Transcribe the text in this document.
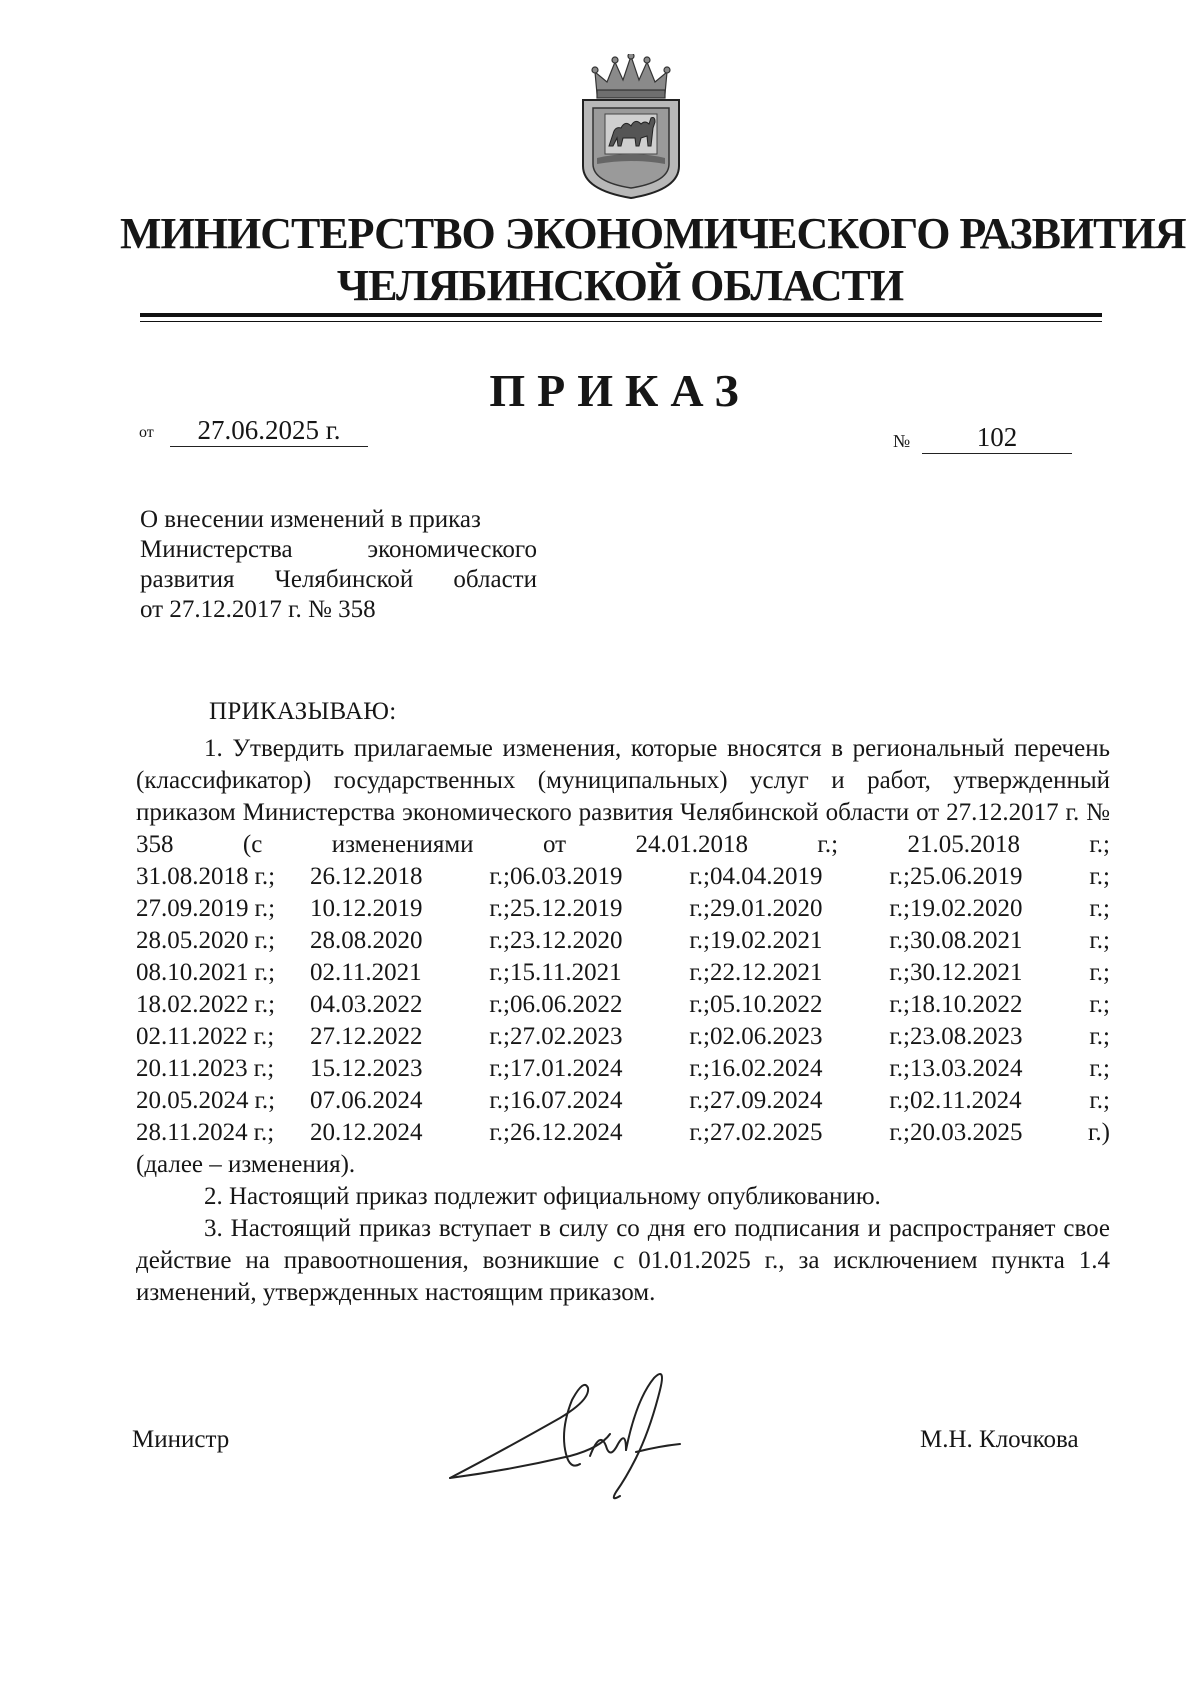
МИНИСТЕРСТВО ЭКОНОМИЧЕСКОГО РАЗВИТИЯ
ЧЕЛЯБИНСКОЙ ОБЛАСТИ
ПРИКАЗ
от	27.06.2025 г.	№	102
О внесении изменений в приказ
Министерства экономического
развития Челябинской области
от 27.12.2017 г. № 358
ПРИКАЗЫВАЮ:

1. Утвердить прилагаемые изменения, которые вносятся в региональный перечень (классификатор) государственных (муниципальных) услуг и работ, утвержденный приказом Министерства экономического развития Челябинской области от 27.12.2017 г. № 358 (с изменениями от 24.01.2018 г.; 21.05.2018 г.;

31.08.2018 г.; 26.12.2018	г.; 06.03.2019	г.; 04.04.2019	г.; 25.06.2019	г.;
27.09.2019 г.; 10.12.2019	г.; 25.12.2019	г.; 29.01.2020	г.; 19.02.2020	г.;
28.05.2020 г.; 28.08.2020	г.; 23.12.2020	г.; 19.02.2021	г.; 30.08.2021	г.;
08.10.2021 г.; 02.11.2021	г.; 15.11.2021	г.; 22.12.2021	г.; 30.12.2021	г.;
18.02.2022 г.; 04.03.2022	г.; 06.06.2022	г.; 05.10.2022	г.; 18.10.2022	г.;
02.11.2022 г.; 27.12.2022	г.; 27.02.2023	г.; 02.06.2023	г.; 23.08.2023	г.;
20.11.2023 г.; 15.12.2023	г.; 17.01.2024	г.; 16.02.2024	г.; 13.03.2024	г.;
20.05.2024 г.; 07.06.2024	г.; 16.07.2024	г.; 27.09.2024	г.; 02.11.2024	г.;
28.11.2024 г.; 20.12.2024	г.; 26.12.2024	г.; 27.02.2025	г.; 20.03.2025	г.)

(далее – изменения).

2. Настоящий приказ подлежит официальному опубликованию.

3. Настоящий приказ вступает в силу со дня его подписания и распространяет свое действие на правоотношения, возникшие с 01.01.2025 г., за исключением пункта 1.4 изменений, утвержденных настоящим приказом.

Министр	М.Н. Клочкова
